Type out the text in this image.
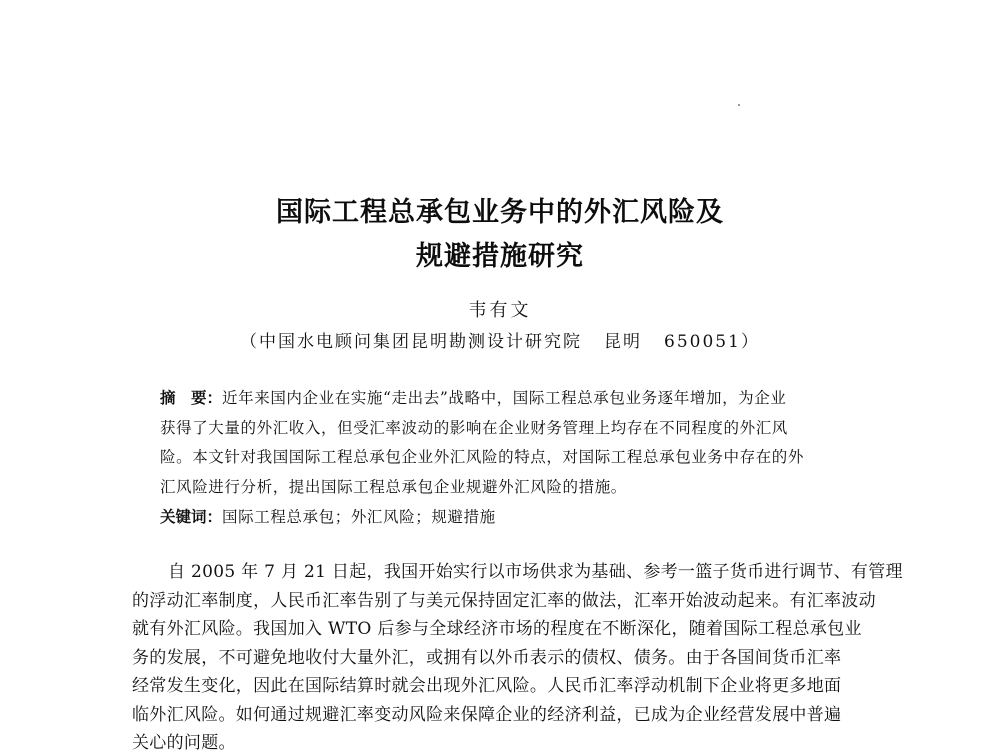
国际工程总承包业务中的外汇风险及
规避措施研究
韦有文
（中国水电顾问集团昆明勘测设计研究院 昆明 650051）
摘　要：近年来国内企业在实施“走出去”战略中，国际工程总承包业务逐年增加，为企业
获得了大量的外汇收入，但受汇率波动的影响在企业财务管理上均存在不同程度的外汇风
险。本文针对我国国际工程总承包企业外汇风险的特点，对国际工程总承包业务中存在的外
汇风险进行分析，提出国际工程总承包企业规避外汇风险的措施。
关键词：国际工程总承包；外汇风险；规避措施
自 2005 年 7 月 21 日起，我国开始实行以市场供求为基础、参考一篮子货币进行调节、有管理
的浮动汇率制度，人民币汇率告别了与美元保持固定汇率的做法，汇率开始波动起来。有汇率波动
就有外汇风险。我国加入 WTO 后参与全球经济市场的程度在不断深化，随着国际工程总承包业
务的发展，不可避免地收付大量外汇，或拥有以外币表示的债权、债务。由于各国间货币汇率
经常发生变化，因此在国际结算时就会出现外汇风险。人民币汇率浮动机制下企业将更多地面
临外汇风险。如何通过规避汇率变动风险来保障企业的经济利益，已成为企业经营发展中普遍
关心的问题。
